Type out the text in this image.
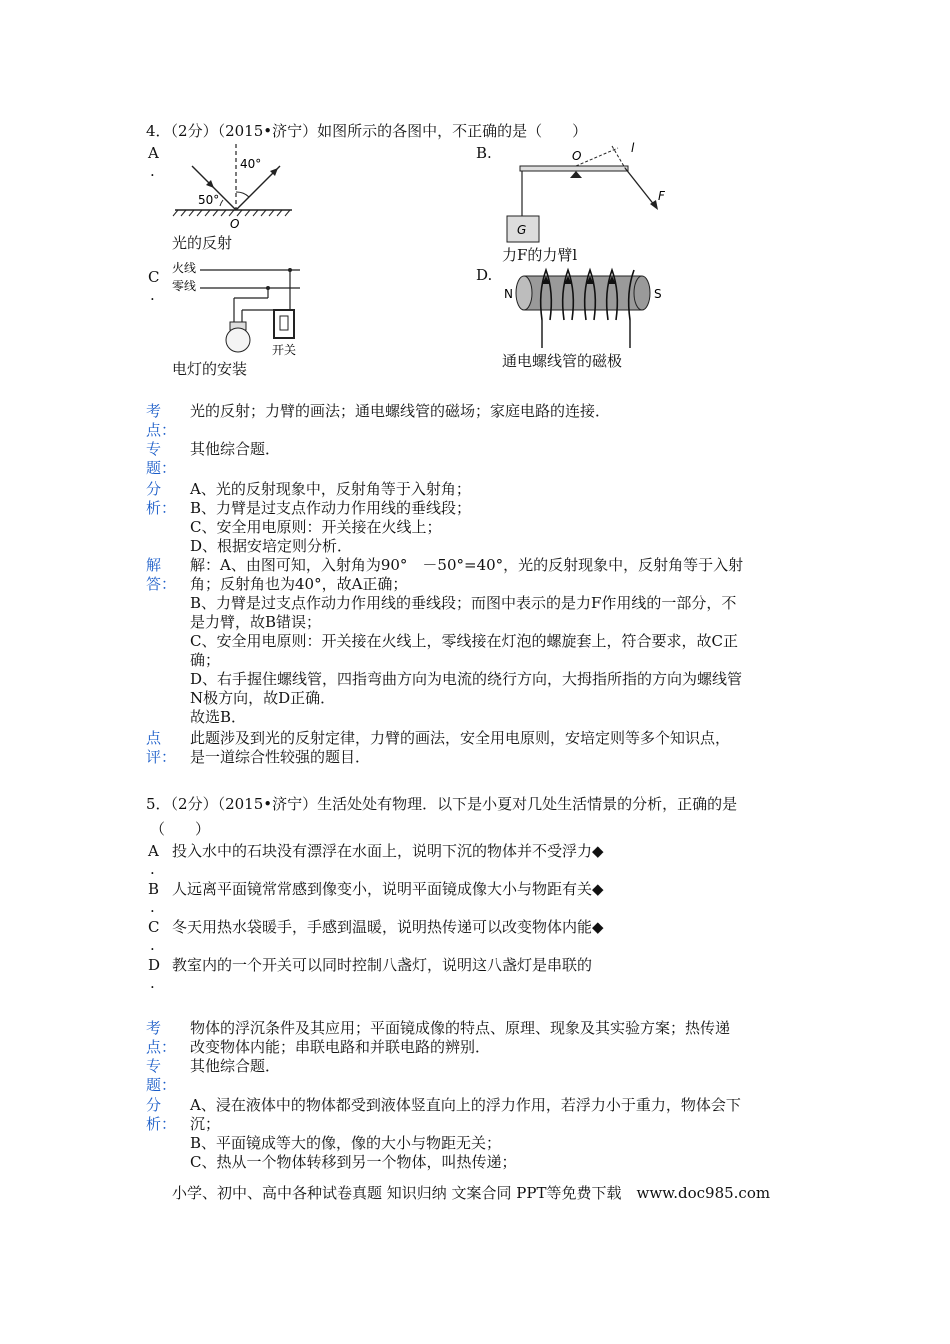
4．（2分）（2015•济宁）如图所示的各图中，不正确的是（　　）
A
.	40°
50°
O
光的反射
B.
G
O
l
F
力F的力臂l
C
.
火线
零线
开关
电灯的安装
D.
N	S
通电螺线管的磁极
考点：
光的反射；力臂的画法；通电螺线管的磁场；家庭电路的连接．
专题：
其他综合题．
分析：
A、光的反射现象中，反射角等于入射角；
B、力臂是过支点作动力作用线的垂线段；
C、安全用电原则：开关接在火线上；
D、根据安培定则分析．
解答：
解：A、由图可知，入射角为90°　－50°=40°，光的反射现象中，反射角等于入射
角；反射角也为40°，故A正确；
B、力臂是过支点作动力作用线的垂线段；而图中表示的是力F作用线的一部分，不
是力臂，故B错误；
C、安全用电原则：开关接在火线上，零线接在灯泡的螺旋套上，符合要求，故C正
确；
D、右手握住螺线管，四指弯曲方向为电流的绕行方向，大拇指所指的方向为螺线管
N极方向，故D正确．
故选B．
点评：
此题涉及到光的反射定律，力臂的画法，安全用电原则，安培定则等多个知识点，
是一道综合性较强的题目．
5．（2分）（2015•济宁）生活处处有物理．以下是小夏对几处生活情景的分析，正确的是
（　　）
A 投入水中的石块没有漂浮在水面上，说明下沉的物体并不受浮力◆
.
B 人远离平面镜常常感到像变小，说明平面镜成像大小与物距有关◆
.
C 冬天用热水袋暖手，手感到温暖，说明热传递可以改变物体内能◆
.
D 教室内的一个开关可以同时控制八盏灯，说明这八盏灯是串联的
.
考点：
物体的浮沉条件及其应用；平面镜成像的特点、原理、现象及其实验方案；热传递
改变物体内能；串联电路和并联电路的辨别．
专题：
其他综合题．
分析：
A、浸在液体中的物体都受到液体竖直向上的浮力作用，若浮力小于重力，物体会下
沉；
B、平面镜成等大的像，像的大小与物距无关；
C、热从一个物体转移到另一个物体，叫热传递；
小学、初中、高中各种试卷真题 知识归纳 文案合同 PPT等免费下载　www.doc985.com
